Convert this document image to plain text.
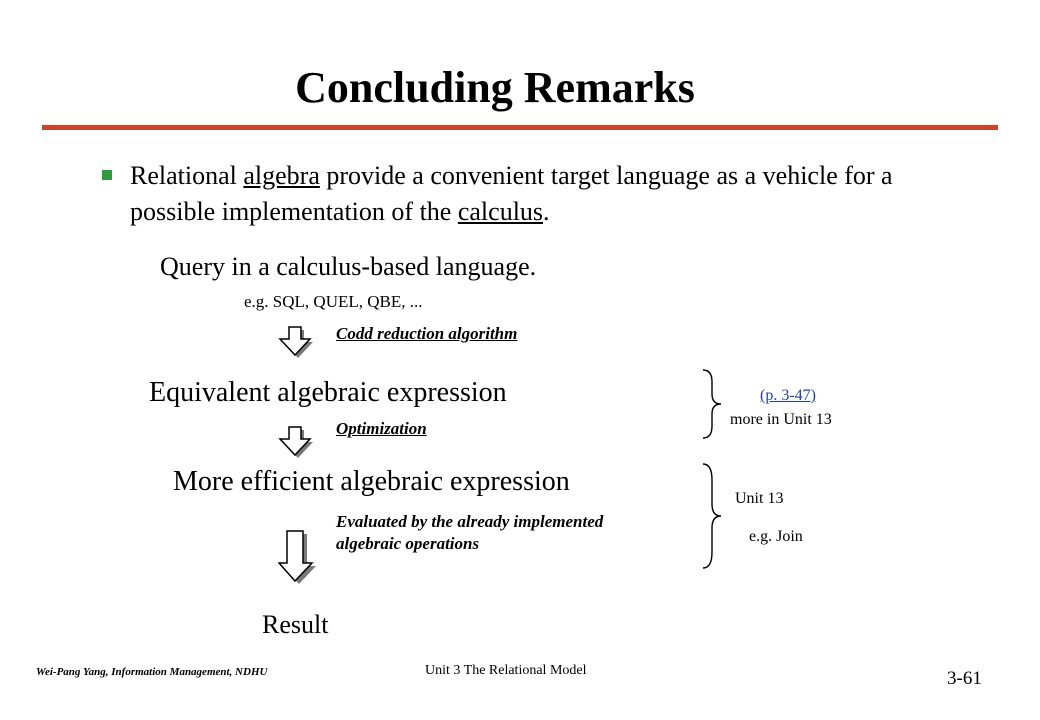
Concluding Remarks
Relational algebra provide a convenient target language as a vehicle for a possible implementation of the calculus.
Query in a calculus-based language.
e.g. SQL, QUEL, QBE, ...
Codd reduction algorithm
Equivalent algebraic expression
Optimization
More efficient algebraic expression
Evaluated by the already implemented algebraic operations
Result
(p. 3-47)
more in Unit 13
Unit 13
e.g. Join
Wei-Pang Yang, Information Management, NDHU	Unit 3 The Relational Model	3-61
